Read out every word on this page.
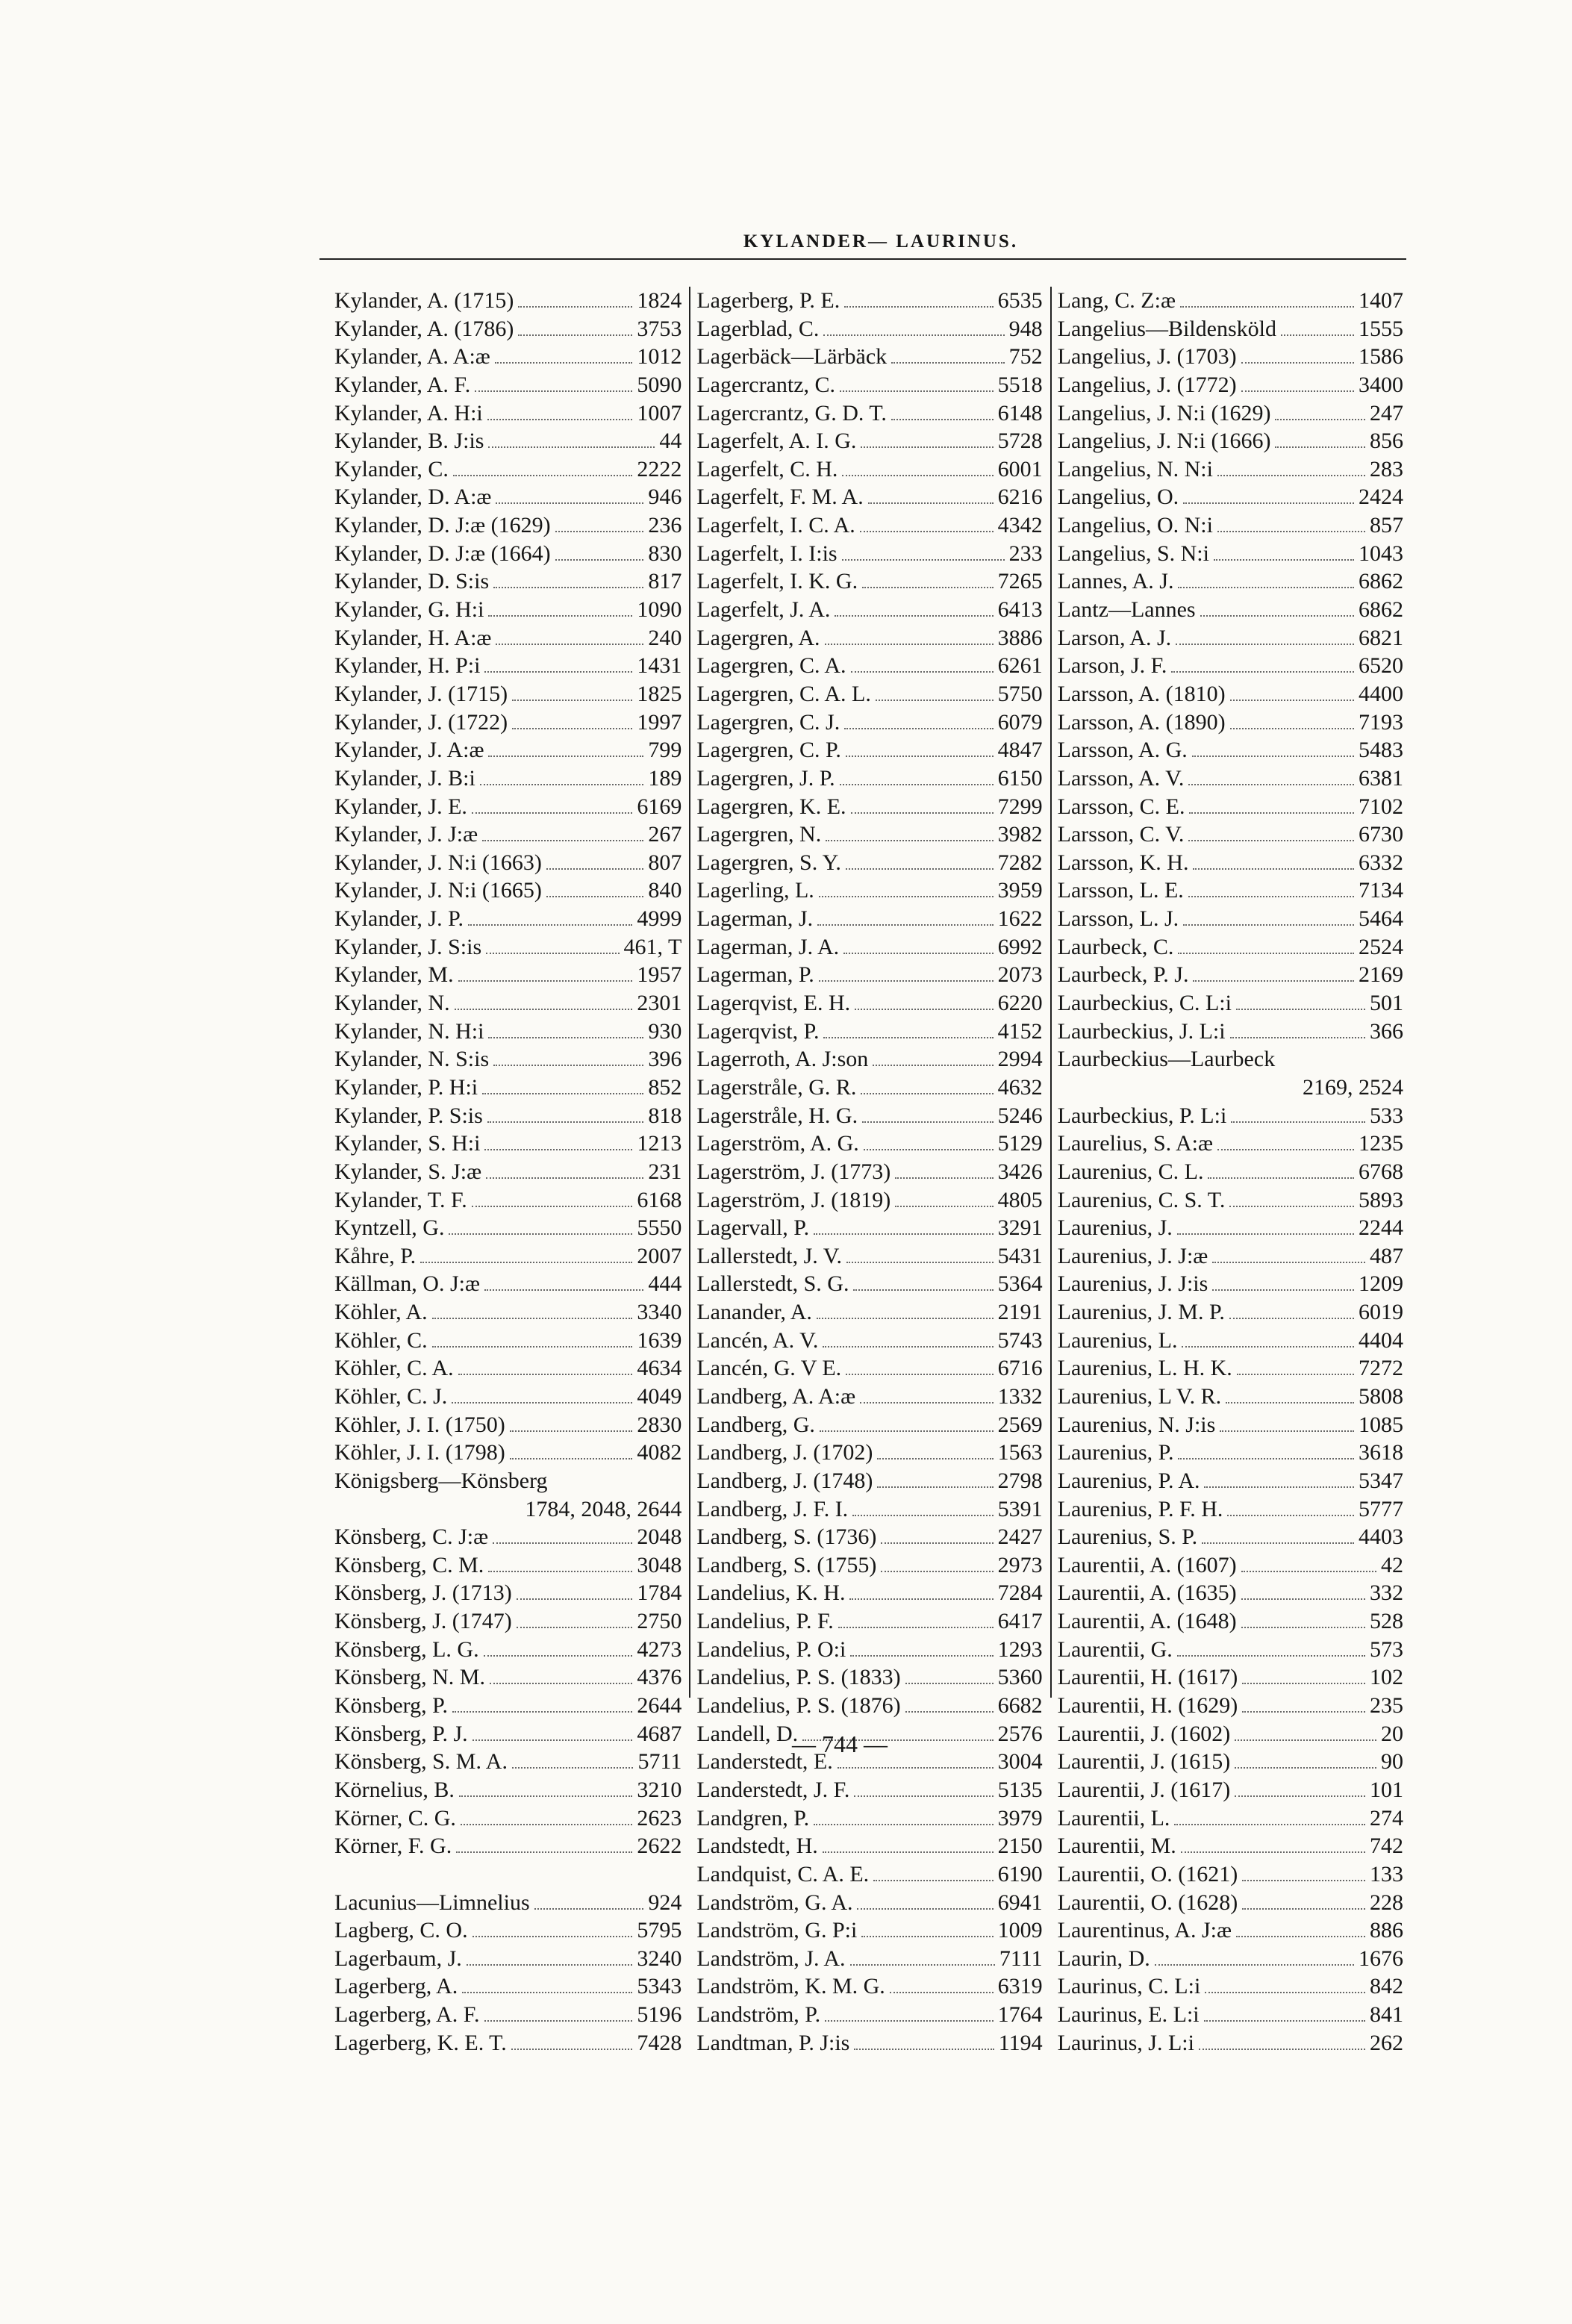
KYLANDER— LAURINUS.
Kylander, A. (1715)	1824
Kylander, A. (1786)	3753
Kylander, A. A:æ	1012
Kylander, A. F.	5090
Kylander, A. H:i	1007
Kylander, B. J:is	44
Kylander, C.	2222
Kylander, D. A:æ	946
Kylander, D. J:æ (1629)	236
Kylander, D. J:æ (1664)	830
Kylander, D. S:is	817
Kylander, G. H:i	1090
Kylander, H. A:æ	240
Kylander, H. P:i	1431
Kylander, J. (1715)	1825
Kylander, J. (1722)	1997
Kylander, J. A:æ	799
Kylander, J. B:i	189
Kylander, J. E.	6169
Kylander, J. J:æ	267
Kylander, J. N:i (1663)	807
Kylander, J. N:i (1665)	840
Kylander, J. P.	4999
Kylander, J. S:is	461, T
Kylander, M.	1957
Kylander, N.	2301
Kylander, N. H:i	930
Kylander, N. S:is	396
Kylander, P. H:i	852
Kylander, P. S:is	818
Kylander, S. H:i	1213
Kylander, S. J:æ	231
Kylander, T. F.	6168
Kyntzell, G.	5550
Kåhre, P.	2007
Källman, O. J:æ	444
Köhler, A.	3340
Köhler, C.	1639
Köhler, C. A.	4634
Köhler, C. J.	4049
Köhler, J. I. (1750)	2830
Köhler, J. I. (1798)	4082
Königsberg—Könsberg
1784, 2048, 2644
Könsberg, C. J:æ	2048
Könsberg, C. M.	3048
Könsberg, J. (1713)	1784
Könsberg, J. (1747)	2750
Könsberg, L. G.	4273
Könsberg, N. M.	4376
Könsberg, P.	2644
Könsberg, P. J.	4687
Könsberg, S. M. A.	5711
Körnelius, B.	3210
Körner, C. G.	2623
Körner, F. G.	2622
Lacunius—Limnelius	924
Lagberg, C. O.	5795
Lagerbaum, J.	3240
Lagerberg, A.	5343
Lagerberg, A. F.	5196
Lagerberg, K. E. T.	7428
Lagerberg, P. E.	6535
Lagerblad, C.	948
Lagerbäck—Lärbäck	752
Lagercrantz, C.	5518
Lagercrantz, G. D. T.	6148
Lagerfelt, A. I. G.	5728
Lagerfelt, C. H.	6001
Lagerfelt, F. M. A.	6216
Lagerfelt, I. C. A.	4342
Lagerfelt, I. I:is	233
Lagerfelt, I. K. G.	7265
Lagerfelt, J. A.	6413
Lagergren, A.	3886
Lagergren, C. A.	6261
Lagergren, C. A. L.	5750
Lagergren, C. J.	6079
Lagergren, C. P.	4847
Lagergren, J. P.	6150
Lagergren, K. E.	7299
Lagergren, N.	3982
Lagergren, S. Y.	7282
Lagerling, L.	3959
Lagerman, J.	1622
Lagerman, J. A.	6992
Lagerman, P.	2073
Lagerqvist, E. H.	6220
Lagerqvist, P.	4152
Lagerroth, A. J:son	2994
Lagerstråle, G. R.	4632
Lagerstråle, H. G.	5246
Lagerström, A. G.	5129
Lagerström, J. (1773)	3426
Lagerström, J. (1819)	4805
Lagervall, P.	3291
Lallerstedt, J. V.	5431
Lallerstedt, S. G.	5364
Lanander, A.	2191
Lancén, A. V.	5743
Lancén, G. V E.	6716
Landberg, A. A:æ	1332
Landberg, G.	2569
Landberg, J. (1702)	1563
Landberg, J. (1748)	2798
Landberg, J. F. I.	5391
Landberg, S. (1736)	2427
Landberg, S. (1755)	2973
Landelius, K. H.	7284
Landelius, P. F.	6417
Landelius, P. O:i	1293
Landelius, P. S. (1833)	5360
Landelius, P. S. (1876)	6682
Landell, D.	2576
Landerstedt, E.	3004
Landerstedt, J. F.	5135
Landgren, P.	3979
Landstedt, H.	2150
Landquist, C. A. E.	6190
Landström, G. A.	6941
Landström, G. P:i	1009
Landström, J. A.	7111
Landström, K. M. G.	6319
Landström, P.	1764
Landtman, P. J:is	1194
Lang, C. Z:æ	1407
Langelius—Bildensköld	1555
Langelius, J. (1703)	1586
Langelius, J. (1772)	3400
Langelius, J. N:i (1629)	247
Langelius, J. N:i (1666)	856
Langelius, N. N:i	283
Langelius, O.	2424
Langelius, O. N:i	857
Langelius, S. N:i	1043
Lannes, A. J.	6862
Lantz—Lannes	6862
Larson, A. J.	6821
Larson, J. F.	6520
Larsson, A. (1810)	4400
Larsson, A. (1890)	7193
Larsson, A. G.	5483
Larsson, A. V.	6381
Larsson, C. E.	7102
Larsson, C. V.	6730
Larsson, K. H.	6332
Larsson, L. E.	7134
Larsson, L. J.	5464
Laurbeck, C.	2524
Laurbeck, P. J.	2169
Laurbeckius, C. L:i	501
Laurbeckius, J. L:i	366
Laurbeckius—Laurbeck
2169, 2524
Laurbeckius, P. L:i	533
Laurelius, S. A:æ	1235
Laurenius, C. L.	6768
Laurenius, C. S. T.	5893
Laurenius, J.	2244
Laurenius, J. J:æ	487
Laurenius, J. J:is	1209
Laurenius, J. M. P.	6019
Laurenius, L.	4404
Laurenius, L. H. K.	7272
Laurenius, L V. R.	5808
Laurenius, N. J:is	1085
Laurenius, P.	3618
Laurenius, P. A.	5347
Laurenius, P. F. H.	5777
Laurenius, S. P.	4403
Laurentii, A. (1607)	42
Laurentii, A. (1635)	332
Laurentii, A. (1648)	528
Laurentii, G.	573
Laurentii, H. (1617)	102
Laurentii, H. (1629)	235
Laurentii, J. (1602)	20
Laurentii, J. (1615)	90
Laurentii, J. (1617)	101
Laurentii, L.	274
Laurentii, M.	742
Laurentii, O. (1621)	133
Laurentii, O. (1628)	228
Laurentinus, A. J:æ	886
Laurin, D.	1676
Laurinus, C. L:i	842
Laurinus, E. L:i	841
Laurinus, J. L:i	262
— 744 —
